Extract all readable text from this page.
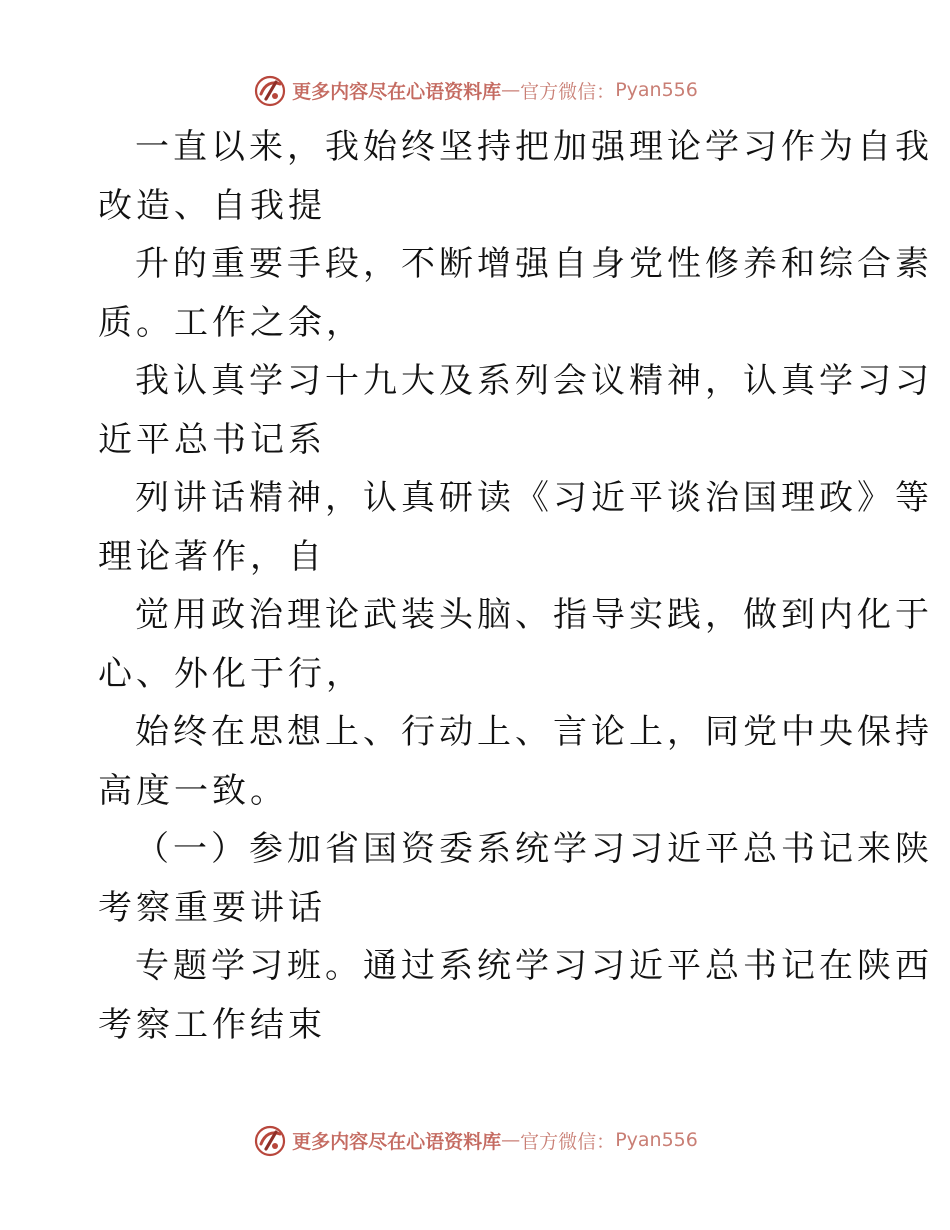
更多内容尽在心语资料库 — 官方微信： Pyan556

一直以来，我始终坚持把加强理论学习作为自我
改造、自我提

升的重要手段，不断增强自身党性修养和综合素
质。工作之余，

我认真学习十九大及系列会议精神，认真学习习
近平总书记系

列讲话精神，认真研读《习近平谈治国理政》等
理论著作，自

觉用政治理论武装头脑、指导实践，做到内化于
心、外化于行，

始终在思想上、行动上、言论上，同党中央保持
高度一致。

（一）参加省国资委系统学习习近平总书记来陕
考察重要讲话

专题学习班。通过系统学习习近平总书记在陕西
考察工作结束

更多内容尽在心语资料库 — 官方微信： Pyan556
